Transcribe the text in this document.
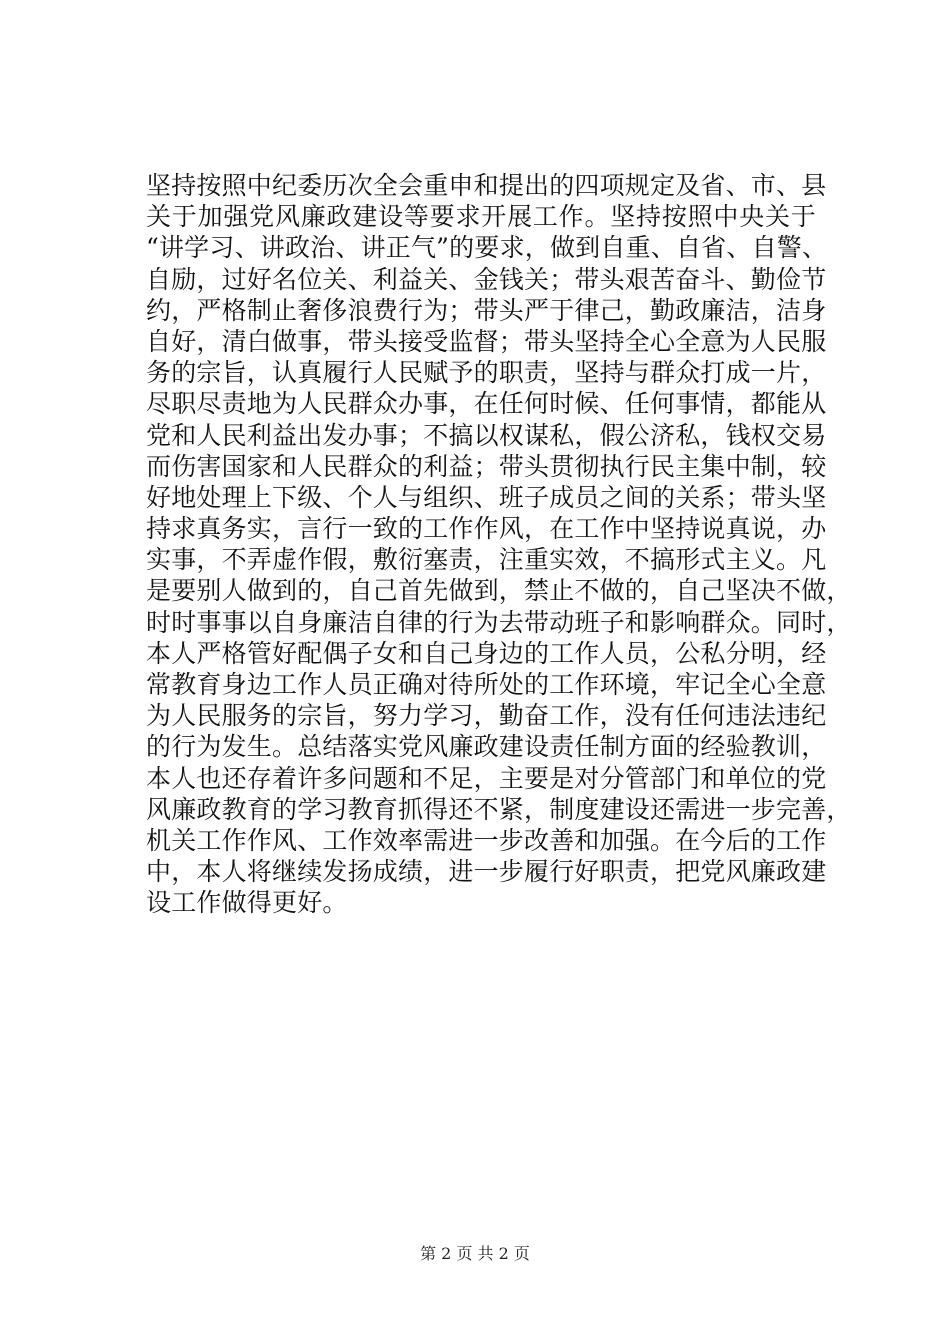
坚持按照中纪委历次全会重申和提出的四项规定及省、市、县
关于加强党风廉政建设等要求开展工作。坚持按照中央关于
“讲学习、讲政治、讲正气”的要求，做到自重、自省、自警、
自励，过好名位关、利益关、金钱关；带头艰苦奋斗、勤俭节
约，严格制止奢侈浪费行为；带头严于律己，勤政廉洁，洁身
自好，清白做事，带头接受监督；带头坚持全心全意为人民服
务的宗旨，认真履行人民赋予的职责，坚持与群众打成一片，
尽职尽责地为人民群众办事，在任何时候、任何事情，都能从
党和人民利益出发办事；不搞以权谋私，假公济私，钱权交易
而伤害国家和人民群众的利益；带头贯彻执行民主集中制，较
好地处理上下级、个人与组织、班子成员之间的关系；带头坚
持求真务实，言行一致的工作作风，在工作中坚持说真说，办
实事，不弄虚作假，敷衍塞责，注重实效，不搞形式主义。凡
是要别人做到的，自己首先做到，禁止不做的，自己坚决不做，
时时事事以自身廉洁自律的行为去带动班子和影响群众。同时，
本人严格管好配偶子女和自己身边的工作人员，公私分明，经
常教育身边工作人员正确对待所处的工作环境，牢记全心全意
为人民服务的宗旨，努力学习，勤奋工作，没有任何违法违纪
的行为发生。总结落实党风廉政建设责任制方面的经验教训，
本人也还存着许多问题和不足，主要是对分管部门和单位的党
风廉政教育的学习教育抓得还不紧，制度建设还需进一步完善，
机关工作作风、工作效率需进一步改善和加强。在今后的工作
中，本人将继续发扬成绩，进一步履行好职责，把党风廉政建
设工作做得更好。
第 2 页 共 2 页
